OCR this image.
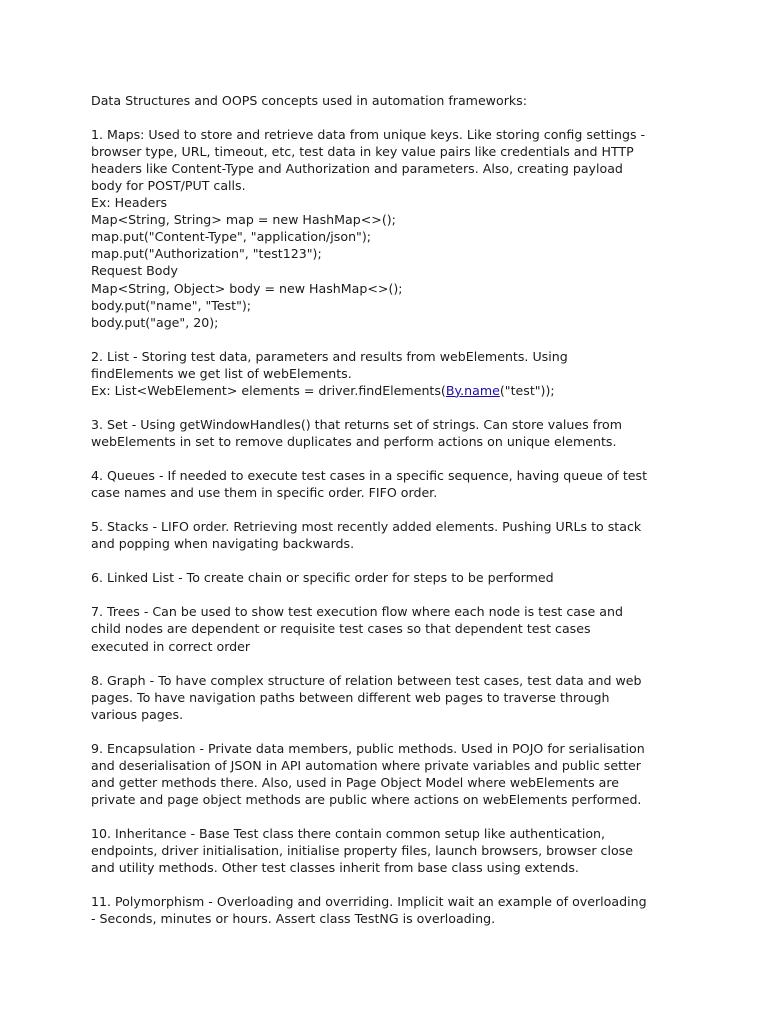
Data Structures and OOPS concepts used in automation frameworks:
1. Maps: Used to store and retrieve data from unique keys. Like storing config settings -
browser type, URL, timeout, etc, test data in key value pairs like credentials and HTTP
headers like Content-Type and Authorization and parameters. Also, creating payload
body for POST/PUT calls.
Ex: Headers
Map<String, String> map = new HashMap<>();
map.put("Content-Type", "application/json");
map.put("Authorization", "test123");
Request Body
Map<String, Object> body = new HashMap<>();
body.put("name", "Test");
body.put("age", 20);
2. List - Storing test data, parameters and results from webElements. Using
findElements we get list of webElements.
Ex: List<WebElement> elements = driver.findElements(By.name("test"));
3. Set - Using getWindowHandles() that returns set of strings. Can store values from
webElements in set to remove duplicates and perform actions on unique elements.
4. Queues - If needed to execute test cases in a specific sequence, having queue of test
case names and use them in specific order. FIFO order.
5. Stacks - LIFO order. Retrieving most recently added elements. Pushing URLs to stack
and popping when navigating backwards.
6. Linked List - To create chain or specific order for steps to be performed
7. Trees - Can be used to show test execution flow where each node is test case and
child nodes are dependent or requisite test cases so that dependent test cases
executed in correct order
8. Graph - To have complex structure of relation between test cases, test data and web
pages. To have navigation paths between different web pages to traverse through
various pages.
9. Encapsulation - Private data members, public methods. Used in POJO for serialisation
and deserialisation of JSON in API automation where private variables and public setter
and getter methods there. Also, used in Page Object Model where webElements are
private and page object methods are public where actions on webElements performed.
10. Inheritance - Base Test class there contain common setup like authentication,
endpoints, driver initialisation, initialise property files, launch browsers, browser close
and utility methods. Other test classes inherit from base class using extends.
11. Polymorphism - Overloading and overriding. Implicit wait an example of overloading
- Seconds, minutes or hours. Assert class TestNG is overloading.
